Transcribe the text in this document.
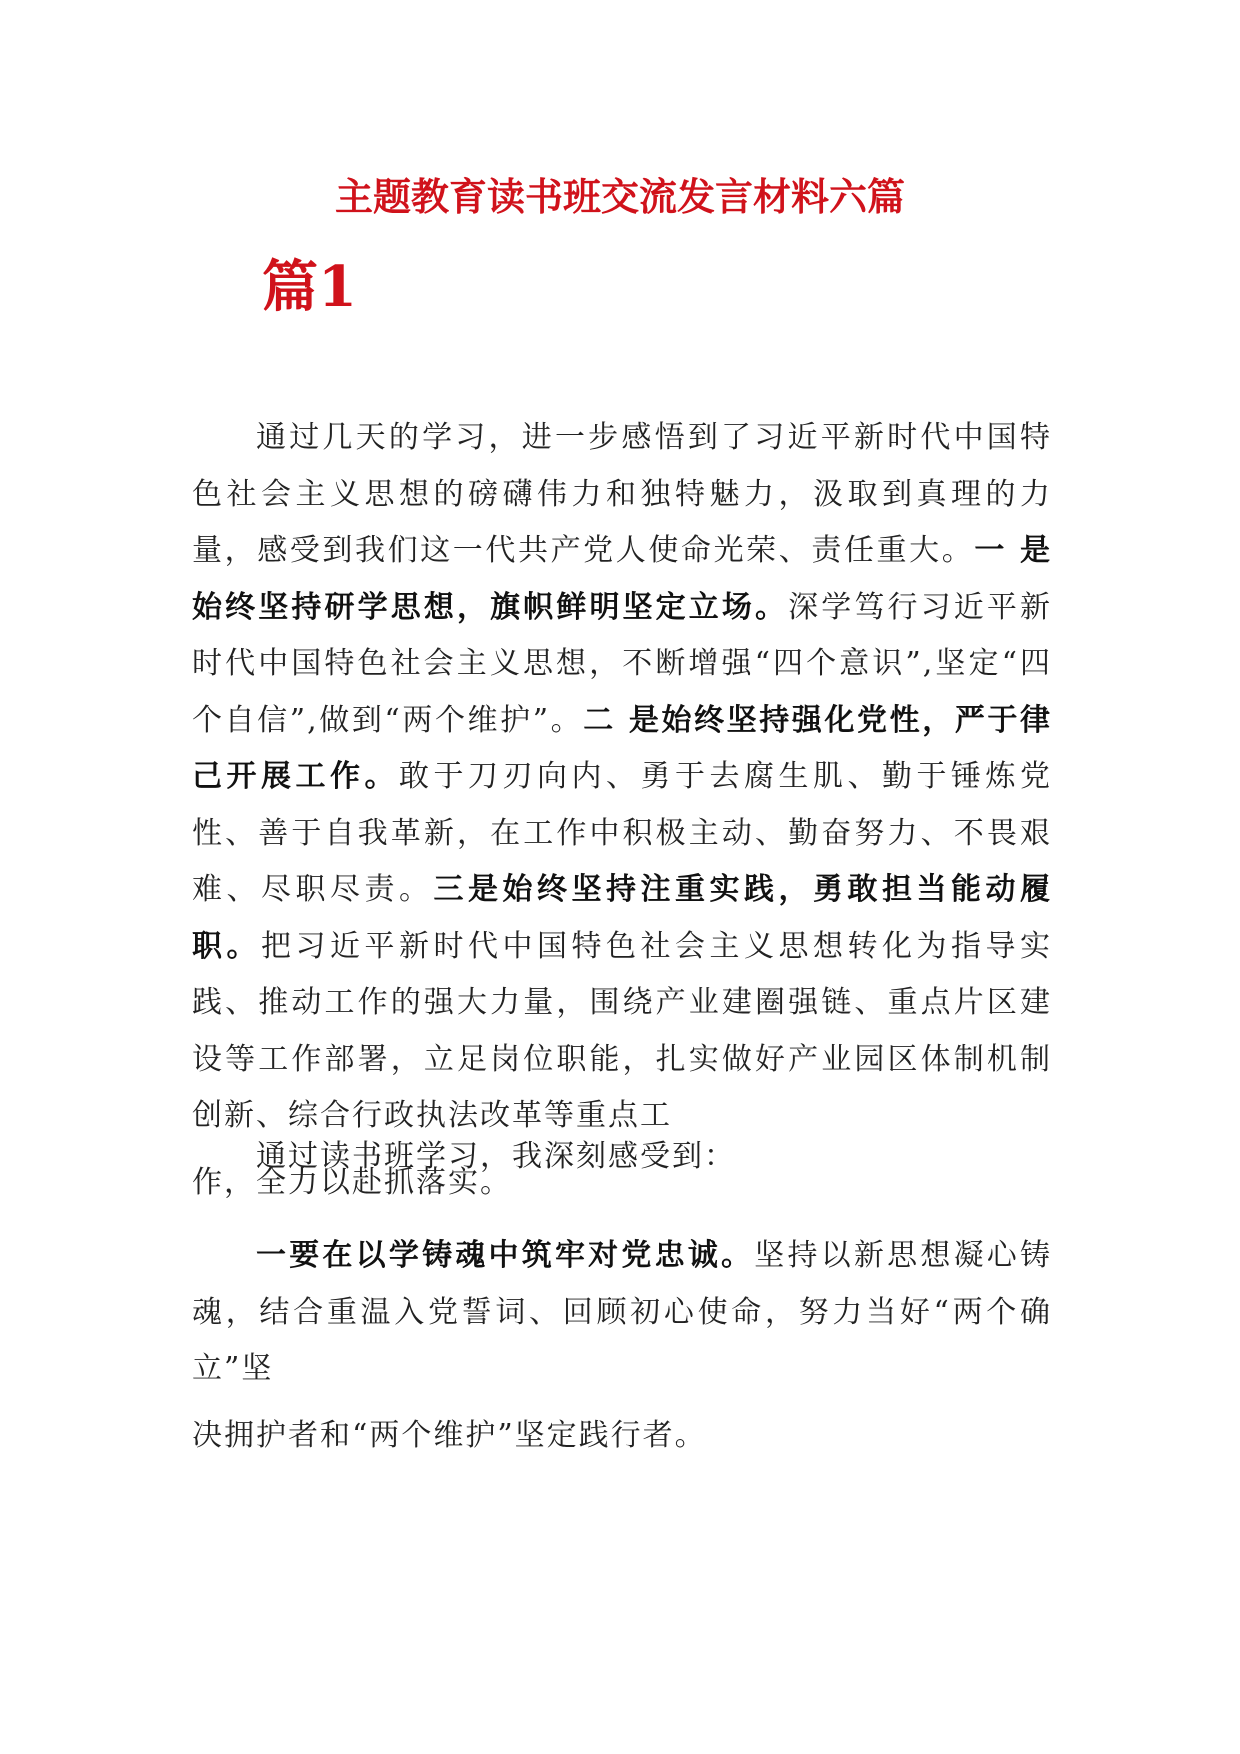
主题教育读书班交流发言材料六篇
篇1

通过几天的学习，进一步感悟到了习近平新时代中国特色社会主义思想的磅礴伟力和独特魅力，汲取到真理的力量，感受到我们这一代共产党人使命光荣、责任重大。一 是始终坚持研学思想，旗帜鲜明坚定立场。深学笃行习近平新时代中国特色社会主义思想，不断增强“四个意识”,坚定“四个自信”,做到“两个维护”。二 是始终坚持强化党性，严于律己开展工作。敢于刀刃向内、勇于去腐生肌、勤于锤炼党性、善于自我革新，在工作中积极主动、勤奋努力、不畏艰难、尽职尽责。三是始终坚持注重实践，勇敢担当能动履职。把习近平新时代中国特色社会主义思想转化为指导实践、推动工作的强大力量，围绕产业建圈强链、重点片区建设等工作部署，立足岗位职能，扎实做好产业园区体制机制创新、综合行政执法改革等重点工
作，全力以赴抓落实。

通过读书班学习，我深刻感受到：

一要在以学铸魂中筑牢对党忠诚。坚持以新思想凝心铸魂，结合重温入党誓词、回顾初心使命，努力当好“两个确立”坚
决拥护者和“两个维护”坚定践行者。
